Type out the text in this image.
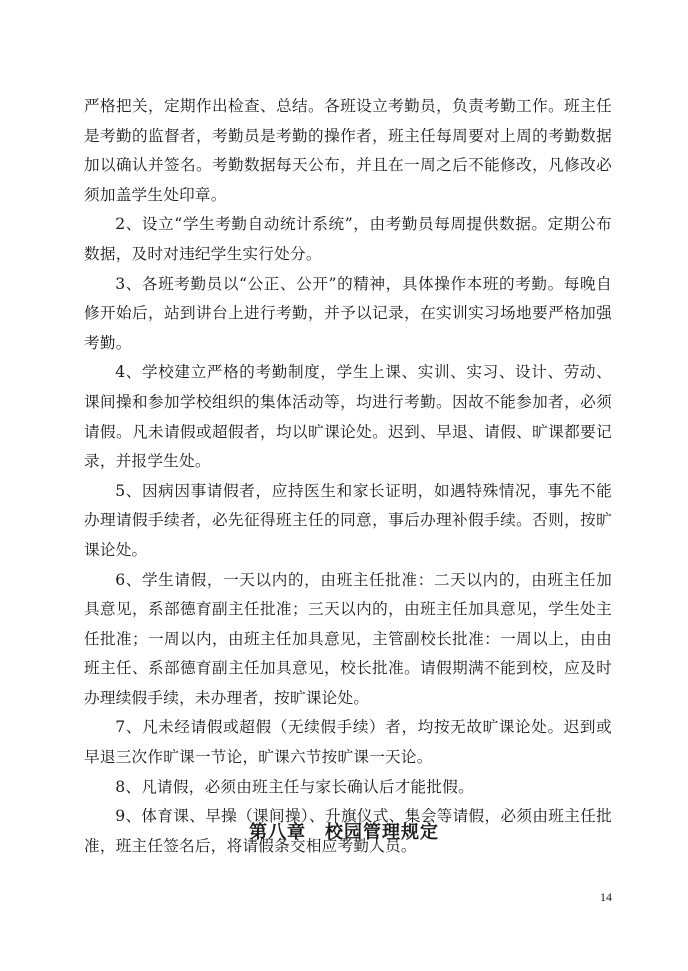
严格把关，定期作出检查、总结。各班设立考勤员，负责考勤工作。班主任是考勤的监督者，考勤员是考勤的操作者，班主任每周要对上周的考勤数据加以确认并签名。考勤数据每天公布，并且在一周之后不能修改，凡修改必须加盖学生处印章。

2、设立“学生考勤自动统计系统”，由考勤员每周提供数据。定期公布数据，及时对违纪学生实行处分。

3、各班考勤员以“公正、公开”的精神，具体操作本班的考勤。每晚自修开始后，站到讲台上进行考勤，并予以记录，在实训实习场地要严格加强考勤。

4、学校建立严格的考勤制度，学生上课、实训、实习、设计、劳动、课间操和参加学校组织的集体活动等，均进行考勤。因故不能参加者，必须请假。凡未请假或超假者，均以旷课论处。迟到、早退、请假、旷课都要记录，并报学生处。

5、因病因事请假者，应持医生和家长证明，如遇特殊情况，事先不能办理请假手续者，必先征得班主任的同意，事后办理补假手续。否则，按旷课论处。

6、学生请假，一天以内的，由班主任批准：二天以内的，由班主任加具意见，系部德育副主任批准；三天以内的，由班主任加具意见，学生处主任批准；一周以内，由班主任加具意见，主管副校长批准：一周以上，由由班主任、系部德育副主任加具意见，校长批准。请假期满不能到校，应及时办理续假手续，未办理者，按旷课论处。

7、凡未经请假或超假（无续假手续）者，均按无故旷课论处。迟到或早退三次作旷课一节论，旷课六节按旷课一天论。

8、凡请假，必须由班主任与家长确认后才能批假。

9、体育课、早操（课间操）、升旗仪式、集会等请假，必须由班主任批准，班主任签名后，将请假条交相应考勤人员。

第八章　校园管理规定
14
